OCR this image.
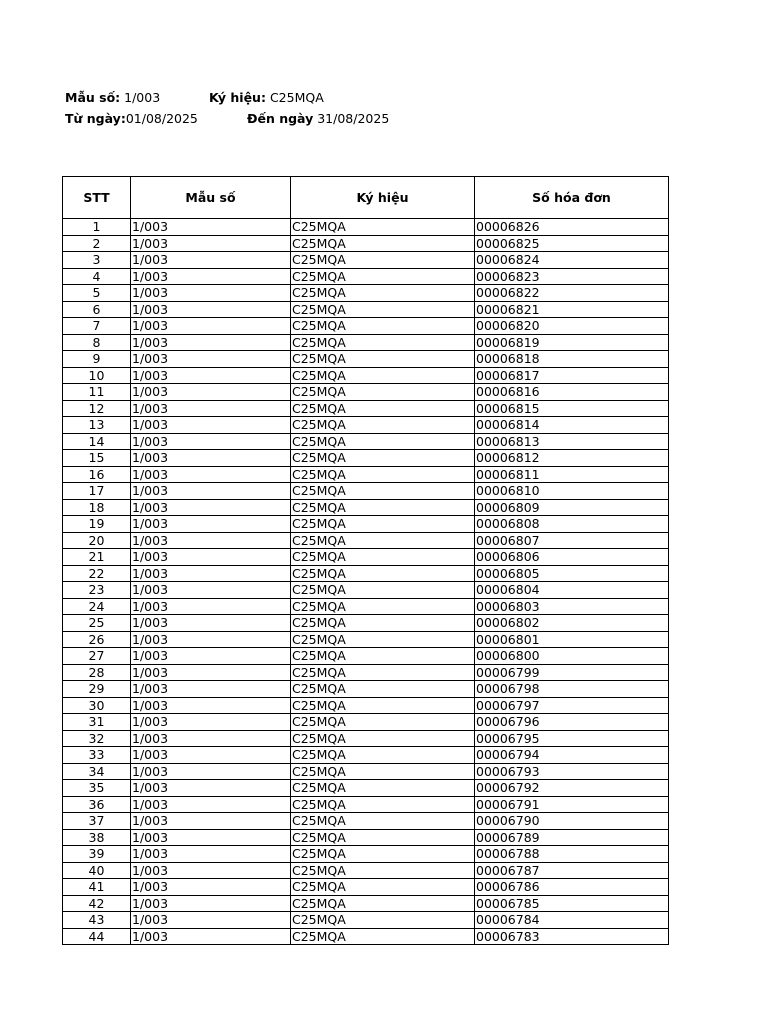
Mẫu số: 1/003	Ký hiệu: C25MQA
Từ ngày:01/08/2025	Đến ngày 31/08/2025
STT	Mẫu số	Ký hiệu	Số hóa đơn
1	1/003	C25MQA	00006826
2	1/003	C25MQA	00006825
3	1/003	C25MQA	00006824
4	1/003	C25MQA	00006823
5	1/003	C25MQA	00006822
6	1/003	C25MQA	00006821
7	1/003	C25MQA	00006820
8	1/003	C25MQA	00006819
9	1/003	C25MQA	00006818
10	1/003	C25MQA	00006817
11	1/003	C25MQA	00006816
12	1/003	C25MQA	00006815
13	1/003	C25MQA	00006814
14	1/003	C25MQA	00006813
15	1/003	C25MQA	00006812
16	1/003	C25MQA	00006811
17	1/003	C25MQA	00006810
18	1/003	C25MQA	00006809
19	1/003	C25MQA	00006808
20	1/003	C25MQA	00006807
21	1/003	C25MQA	00006806
22	1/003	C25MQA	00006805
23	1/003	C25MQA	00006804
24	1/003	C25MQA	00006803
25	1/003	C25MQA	00006802
26	1/003	C25MQA	00006801
27	1/003	C25MQA	00006800
28	1/003	C25MQA	00006799
29	1/003	C25MQA	00006798
30	1/003	C25MQA	00006797
31	1/003	C25MQA	00006796
32	1/003	C25MQA	00006795
33	1/003	C25MQA	00006794
34	1/003	C25MQA	00006793
35	1/003	C25MQA	00006792
36	1/003	C25MQA	00006791
37	1/003	C25MQA	00006790
38	1/003	C25MQA	00006789
39	1/003	C25MQA	00006788
40	1/003	C25MQA	00006787
41	1/003	C25MQA	00006786
42	1/003	C25MQA	00006785
43	1/003	C25MQA	00006784
44	1/003	C25MQA	00006783
